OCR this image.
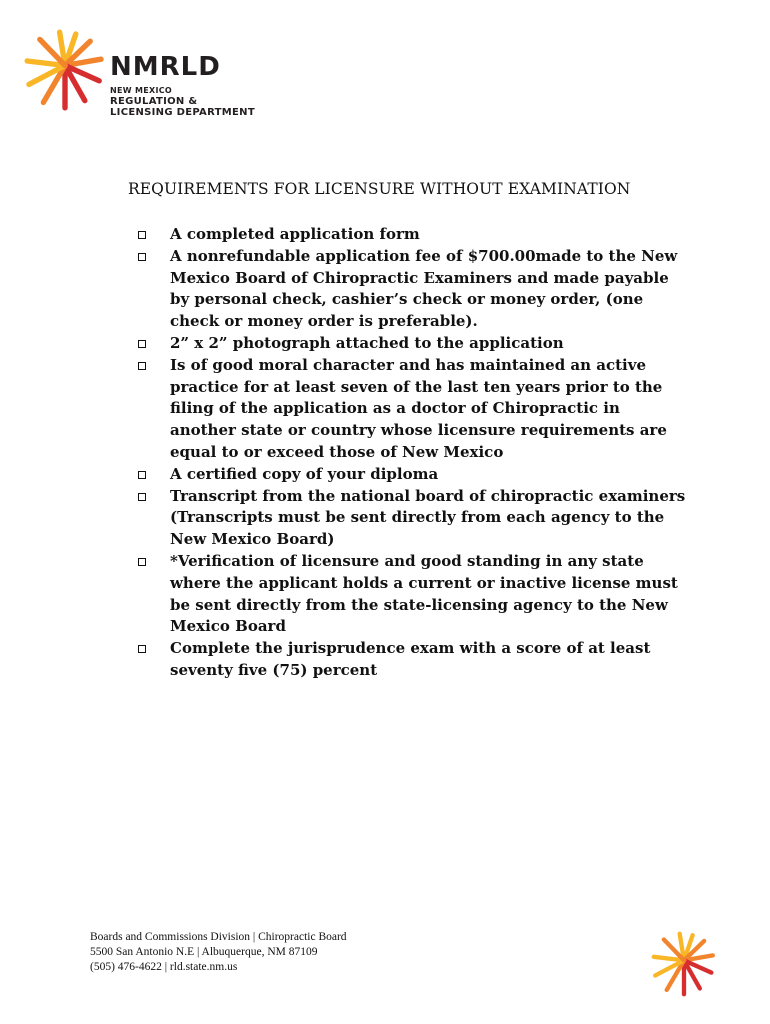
NMRLD
NEW MEXICO
REGULATION &
LICENSING DEPARTMENT
REQUIREMENTS FOR LICENSURE WITHOUT EXAMINATION
A completed application form
A nonrefundable application fee of $700.00made to the New Mexico Board of Chiropractic Examiners and made payable by personal check, cashier’s check or money order, (one check or money order is preferable).
2” x 2” photograph attached to the application
Is of good moral character and has maintained an active practice for at least seven of the last ten years prior to the filing of the application as a doctor of Chiropractic in another state or country whose licensure requirements are equal to or exceed those of New Mexico
A certified copy of your diploma
Transcript from the national board of chiropractic examiners (Transcripts must be sent directly from each agency to the New Mexico Board)
*Verification of licensure and good standing in any state where the applicant holds a current or inactive license must be sent directly from the state-licensing agency to the New Mexico Board
Complete the jurisprudence exam with a score of at least seventy five (75) percent
Boards and Commissions Division | Chiropractic Board
5500 San Antonio N.E | Albuquerque, NM 87109
(505) 476-4622 | rld.state.nm.us
